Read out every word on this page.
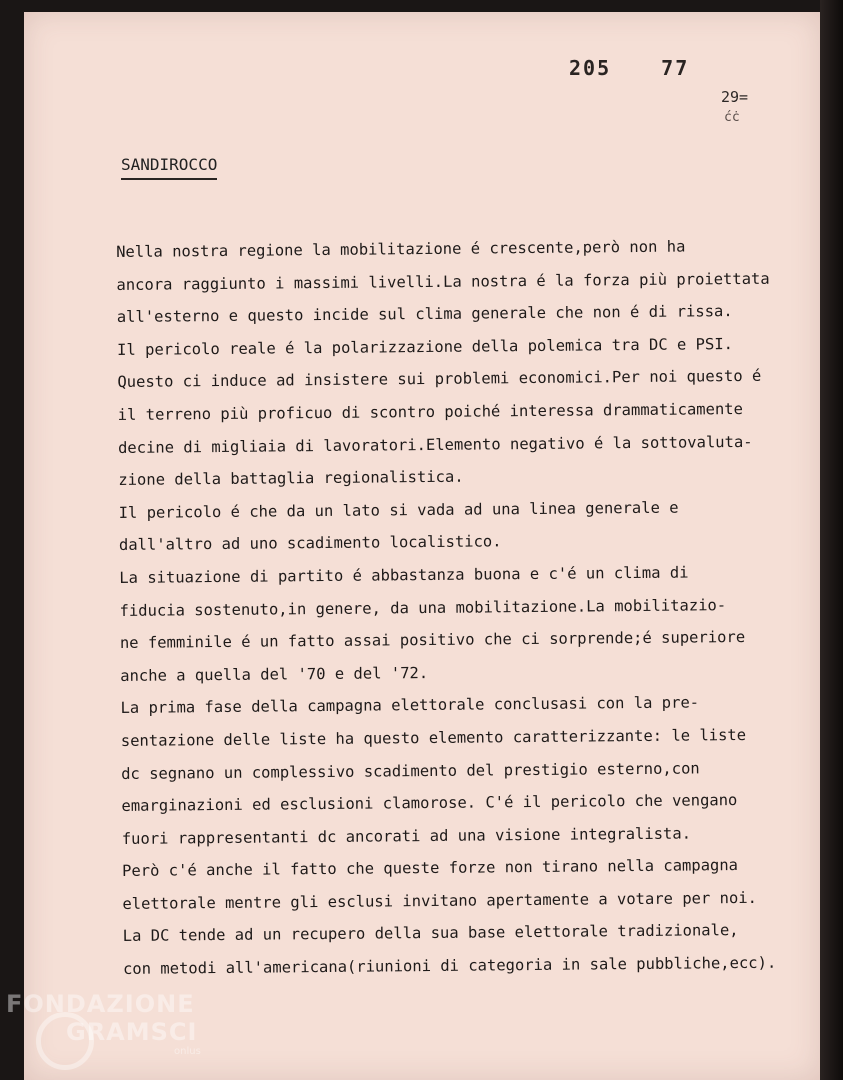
205	77
29=
ćċ
SANDIROCCO
Nella nostra regione la mobilitazione é crescente,però non ha
ancora raggiunto i massimi livelli.La nostra é la forza più proiettata
all'esterno e questo incide sul clima generale che non é di rissa.
Il pericolo reale é la polarizzazione della polemica tra DC e PSI.
Questo ci induce ad insistere sui problemi economici.Per noi questo é
il terreno più proficuo di scontro poiché interessa drammaticamente
decine di migliaia di lavoratori.Elemento negativo é la sottovaluta-
zione della battaglia regionalistica.
Il pericolo é che da un lato si vada ad una linea generale e
dall'altro ad uno scadimento localistico.
La situazione di partito é abbastanza buona e c'é un clima di
fiducia sostenuto,in genere, da una mobilitazione.La mobilitazio-
ne femminile é un fatto assai positivo che ci sorprende;é superiore
anche a quella del '70 e del '72.
La prima fase della campagna elettorale conclusasi con la pre-
sentazione delle liste ha questo elemento caratterizzante: le liste
dc segnano un complessivo scadimento del prestigio esterno,con
emarginazioni ed esclusioni clamorose. C'é il pericolo che vengano
fuori rappresentanti dc ancorati ad una visione integralista.
Però c'é anche il fatto che queste forze non tirano nella campagna
elettorale mentre gli esclusi invitano apertamente a votare per noi.
La DC tende ad un recupero della sua base elettorale tradizionale,
con metodi all'americana(riunioni di categoria in sale pubbliche,ecc).
FONDAZIONE
GRAMSCI
onlus
